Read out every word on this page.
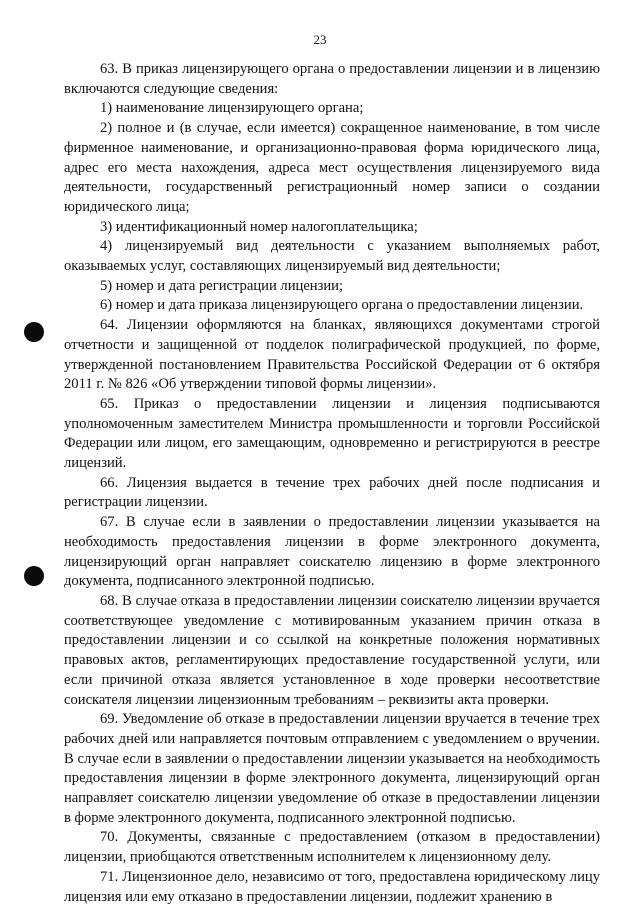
23

63. В приказ лицензирующего органа о предоставлении лицензии и в лицензию включаются следующие сведения:

1) наименование лицензирующего органа;

2) полное и (в случае, если имеется) сокращенное наименование, в том числе фирменное наименование, и организационно-правовая форма юридического лица, адрес его места нахождения, адреса мест осуществления лицензируемого вида деятельности, государственный регистрационный номер записи о создании юридического лица;

3) идентификационный номер налогоплательщика;

4) лицензируемый вид деятельности с указанием выполняемых работ, оказываемых услуг, составляющих лицензируемый вид деятельности;

5) номер и дата регистрации лицензии;

6) номер и дата приказа лицензирующего органа о предоставлении лицензии.

64. Лицензии оформляются на бланках, являющихся документами строгой отчетности и защищенной от подделок полиграфической продукцией, по форме, утвержденной постановлением Правительства Российской Федерации от 6 октября 2011 г. № 826 «Об утверждении типовой формы лицензии».

65. Приказ о предоставлении лицензии и лицензия подписываются уполномоченным заместителем Министра промышленности и торговли Российской Федерации или лицом, его замещающим, одновременно и регистрируются в реестре лицензий.

66. Лицензия выдается в течение трех рабочих дней после подписания и регистрации лицензии.

67. В случае если в заявлении о предоставлении лицензии указывается на необходимость предоставления лицензии в форме электронного документа, лицензирующий орган направляет соискателю лицензию в форме электронного документа, подписанного электронной подписью.

68. В случае отказа в предоставлении лицензии соискателю лицензии вручается соответствующее уведомление с мотивированным указанием причин отказа в предоставлении лицензии и со ссылкой на конкретные положения нормативных правовых актов, регламентирующих предоставление государственной услуги, или если причиной отказа является установленное в ходе проверки несоответствие соискателя лицензии лицензионным требованиям – реквизиты акта проверки.

69. Уведомление об отказе в предоставлении лицензии вручается в течение трех рабочих дней или направляется почтовым отправлением с уведомлением о вручении. В случае если в заявлении о предоставлении лицензии указывается на необходимость предоставления лицензии в форме электронного документа, лицензирующий орган направляет соискателю лицензии уведомление об отказе в предоставлении лицензии в форме электронного документа, подписанного электронной подписью.

70. Документы, связанные с предоставлением (отказом в предоставлении) лицензии, приобщаются ответственным исполнителем к лицензионному делу.

71. Лицензионное дело, независимо от того, предоставлена юридическому лицу лицензия или ему отказано в предоставлении лицензии, подлежит хранению в
